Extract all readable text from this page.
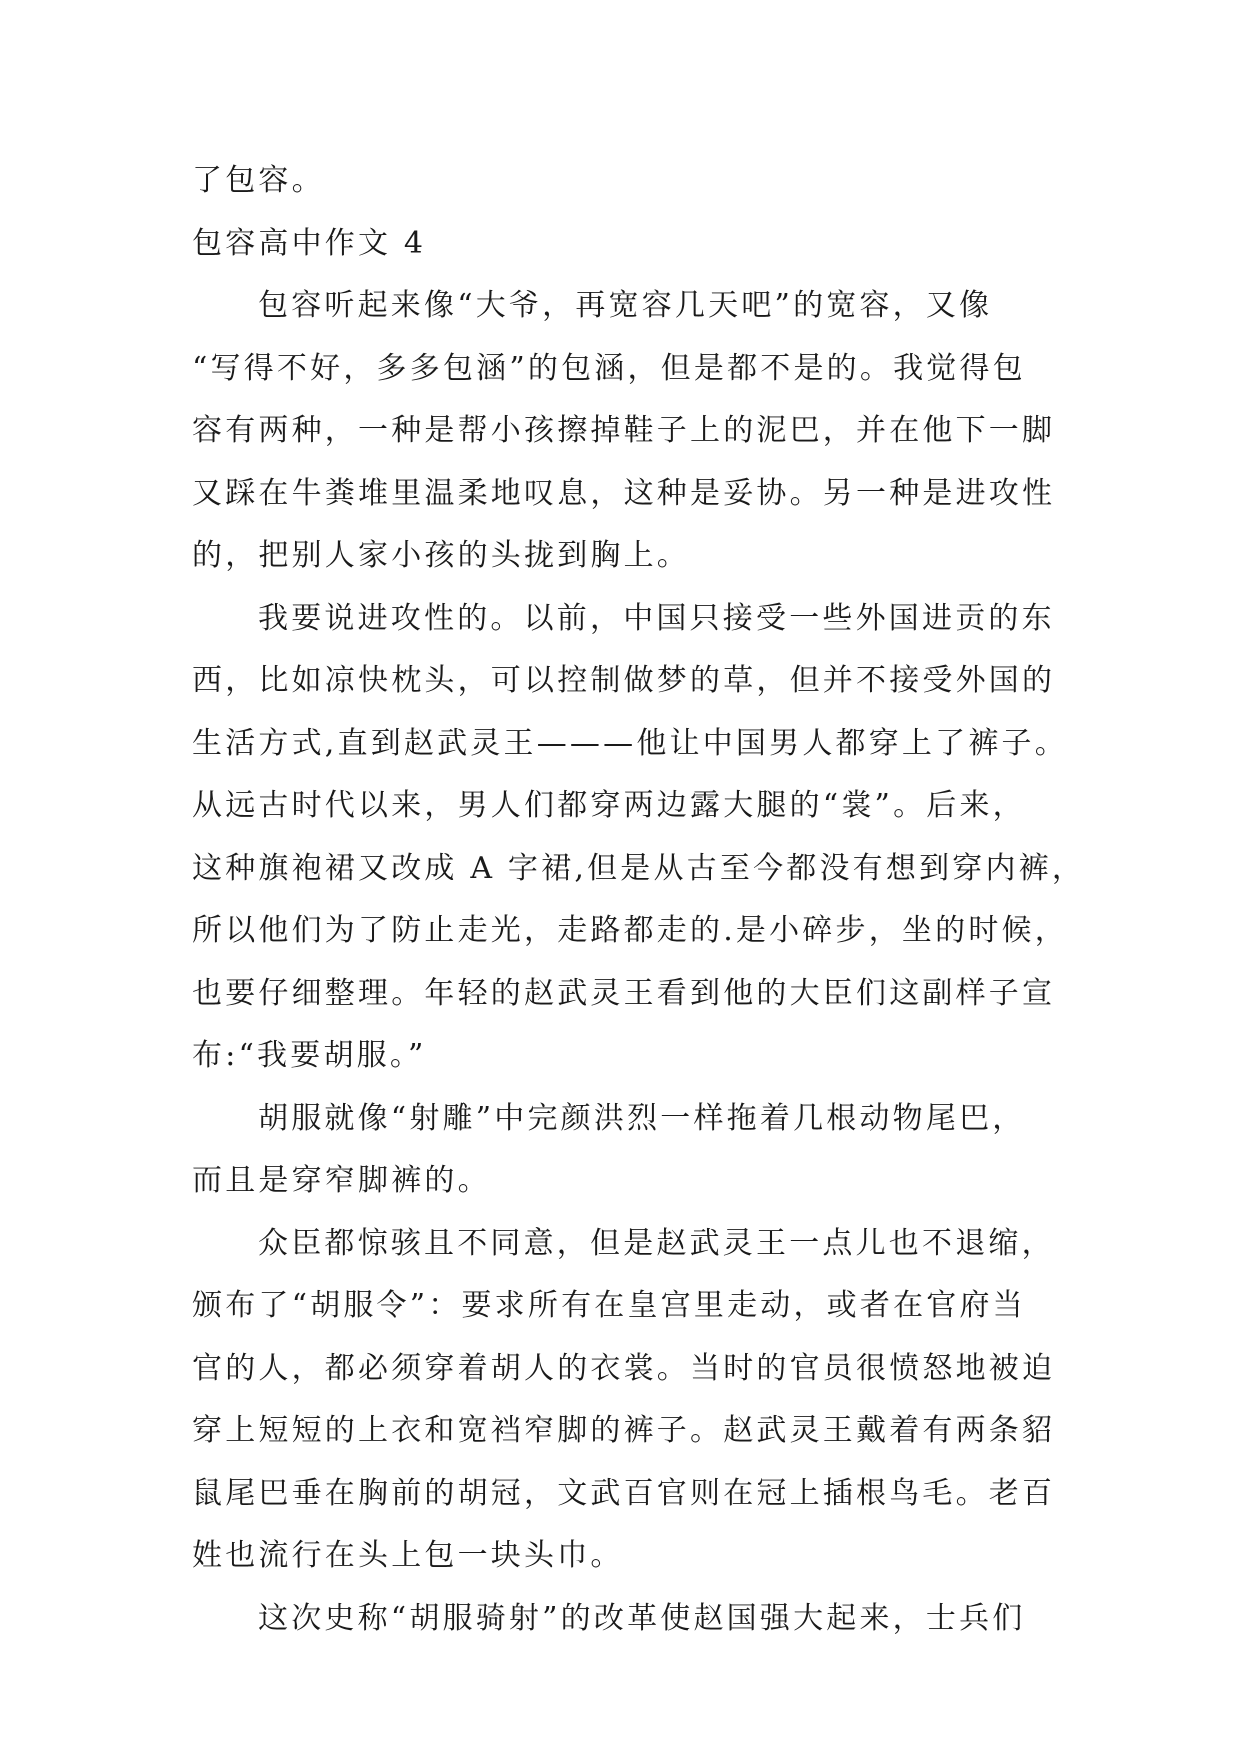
了包容。
包容高中作文 4
包容听起来像“大爷，再宽容几天吧”的宽容，又像
“写得不好，多多包涵”的包涵，但是都不是的。我觉得包
容有两种，一种是帮小孩擦掉鞋子上的泥巴，并在他下一脚
又踩在牛粪堆里温柔地叹息，这种是妥协。另一种是进攻性
的，把别人家小孩的头拢到胸上。
我要说进攻性的。以前，中国只接受一些外国进贡的东
西，比如凉快枕头，可以控制做梦的草，但并不接受外国的
生活方式,直到赵武灵王———他让中国男人都穿上了裤子。
从远古时代以来，男人们都穿两边露大腿的“裳”。后来，
这种旗袍裙又改成 A 字裙,但是从古至今都没有想到穿内裤，
所以他们为了防止走光，走路都走的.是小碎步，坐的时候，
也要仔细整理。年轻的赵武灵王看到他的大臣们这副样子宣
布:“我要胡服。”
胡服就像“射雕”中完颜洪烈一样拖着几根动物尾巴，
而且是穿窄脚裤的。
众臣都惊骇且不同意，但是赵武灵王一点儿也不退缩，
颁布了“胡服令”：要求所有在皇宫里走动，或者在官府当
官的人，都必须穿着胡人的衣裳。当时的官员很愤怒地被迫
穿上短短的上衣和宽裆窄脚的裤子。赵武灵王戴着有两条貂
鼠尾巴垂在胸前的胡冠，文武百官则在冠上插根鸟毛。老百
姓也流行在头上包一块头巾。
这次史称“胡服骑射”的改革使赵国强大起来，士兵们
